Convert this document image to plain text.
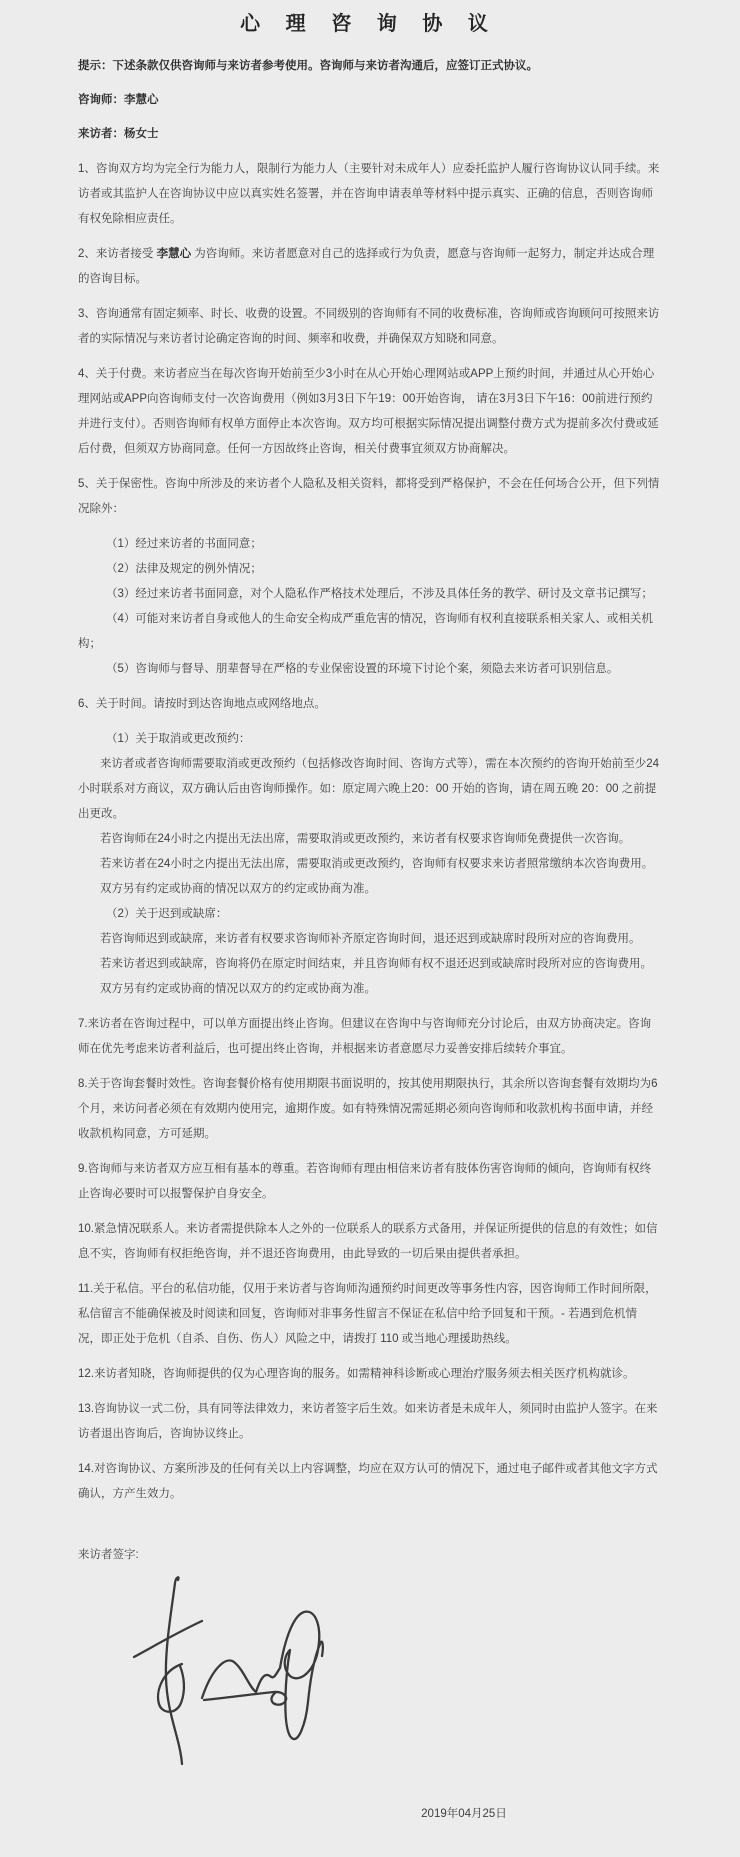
心 理 咨 询 协 议

提示：下述条款仅供咨询师与来访者参考使用。咨询师与来访者沟通后，应签订正式协议。

咨询师：李慧心

来访者：杨女士

1、咨询双方均为完全行为能力人，限制行为能力人（主要针对未成年人）应委托监护人履行咨询协议认同手续。来访者或其监护人在咨询协议中应以真实姓名签署，并在咨询申请表单等材料中提示真实、正确的信息，否则咨询师有权免除相应责任。

2、来访者接受 李慧心 为咨询师。来访者愿意对自己的选择或行为负责，愿意与咨询师一起努力，制定并达成合理的咨询目标。

3、咨询通常有固定频率、时长、收费的设置。不同级别的咨询师有不同的收费标准，咨询师或咨询顾问可按照来访者的实际情况与来访者讨论确定咨询的时间、频率和收费，并确保双方知晓和同意。

4、关于付费。来访者应当在每次咨询开始前至少3小时在从心开始心理网站或APP上预约时间，并通过从心开始心理网站或APP向咨询师支付一次咨询费用（例如3月3日下午19：00开始咨询， 请在3月3日下午16：00前进行预约并进行支付）。否则咨询师有权单方面停止本次咨询。双方均可根据实际情况提出调整付费方式为提前多次付费或延后付费，但须双方协商同意。任何一方因故终止咨询，相关付费事宜须双方协商解决。

5、关于保密性。咨询中所涉及的来访者个人隐私及相关资料，都将受到严格保护，不会在任何场合公开，但下列情况除外：

（1）经过来访者的书面同意；

（2）法律及规定的例外情况；

（3）经过来访者书面同意，对个人隐私作严格技术处理后，不涉及具体任务的教学、研讨及文章书记撰写；

（4）可能对来访者自身或他人的生命安全构成严重危害的情况，咨询师有权利直接联系相关家人、或相关机构；

（5）咨询师与督导、朋辈督导在严格的专业保密设置的环境下讨论个案，须隐去来访者可识别信息。

6、关于时间。请按时到达咨询地点或网络地点。

（1）关于取消或更改预约：

来访者或者咨询师需要取消或更改预约（包括修改咨询时间、咨询方式等），需在本次预约的咨询开始前至少24小时联系对方商议，双方确认后由咨询师操作。如：原定周六晚上20：00 开始的咨询，请在周五晚 20：00 之前提出更改。

若咨询师在24小时之内提出无法出席，需要取消或更改预约，来访者有权要求咨询师免费提供一次咨询。

若来访者在24小时之内提出无法出席，需要取消或更改预约，咨询师有权要求来访者照常缴纳本次咨询费用。

双方另有约定或协商的情况以双方的约定或协商为准。

（2）关于迟到或缺席：

若咨询师迟到或缺席，来访者有权要求咨询师补齐原定咨询时间，退还迟到或缺席时段所对应的咨询费用。

若来访者迟到或缺席，咨询将仍在原定时间结束，并且咨询师有权不退还迟到或缺席时段所对应的咨询费用。

双方另有约定或协商的情况以双方的约定或协商为准。

7.来访者在咨询过程中，可以单方面提出终止咨询。但建议在咨询中与咨询师充分讨论后，由双方协商决定。咨询师在优先考虑来访者利益后，也可提出终止咨询，并根据来访者意愿尽力妥善安排后续转介事宜。

8.关于咨询套餐时效性。咨询套餐价格有使用期限书面说明的，按其使用期限执行，其余所以咨询套餐有效期均为6个月，来访问者必须在有效期内使用完，逾期作废。如有特殊情况需延期必须向咨询师和收款机构书面申请，并经收款机构同意，方可延期。

9.咨询师与来访者双方应互相有基本的尊重。若咨询师有理由相信来访者有肢体伤害咨询师的倾向，咨询师有权终止咨询必要时可以报警保护自身安全。

10.紧急情况联系人。来访者需提供除本人之外的一位联系人的联系方式备用，并保证所提供的信息的有效性；如信息不实，咨询师有权拒绝咨询，并不退还咨询费用，由此导致的一切后果由提供者承担。

11.关于私信。平台的私信功能，仅用于来访者与咨询师沟通预约时间更改等事务性内容，因咨询师工作时间所限，私信留言不能确保被及时阅读和回复，咨询师对非事务性留言不保证在私信中给予回复和干预。- 若遇到危机情况，即正处于危机（自杀、自伤、伤人）风险之中，请拨打 110 或当地心理援助热线。

12.来访者知晓，咨询师提供的仅为心理咨询的服务。如需精神科诊断或心理治疗服务须去相关医疗机构就诊。

13.咨询协议一式二份，具有同等法律效力，来访者签字后生效。如来访者是未成年人，须同时由监护人签字。在来访者退出咨询后，咨询协议终止。

14.对咨询协议、方案所涉及的任何有关以上内容调整，均应在双方认可的情况下，通过电子邮件或者其他文字方式确认，方产生效力。

来访者签字:

2019年04月25日
